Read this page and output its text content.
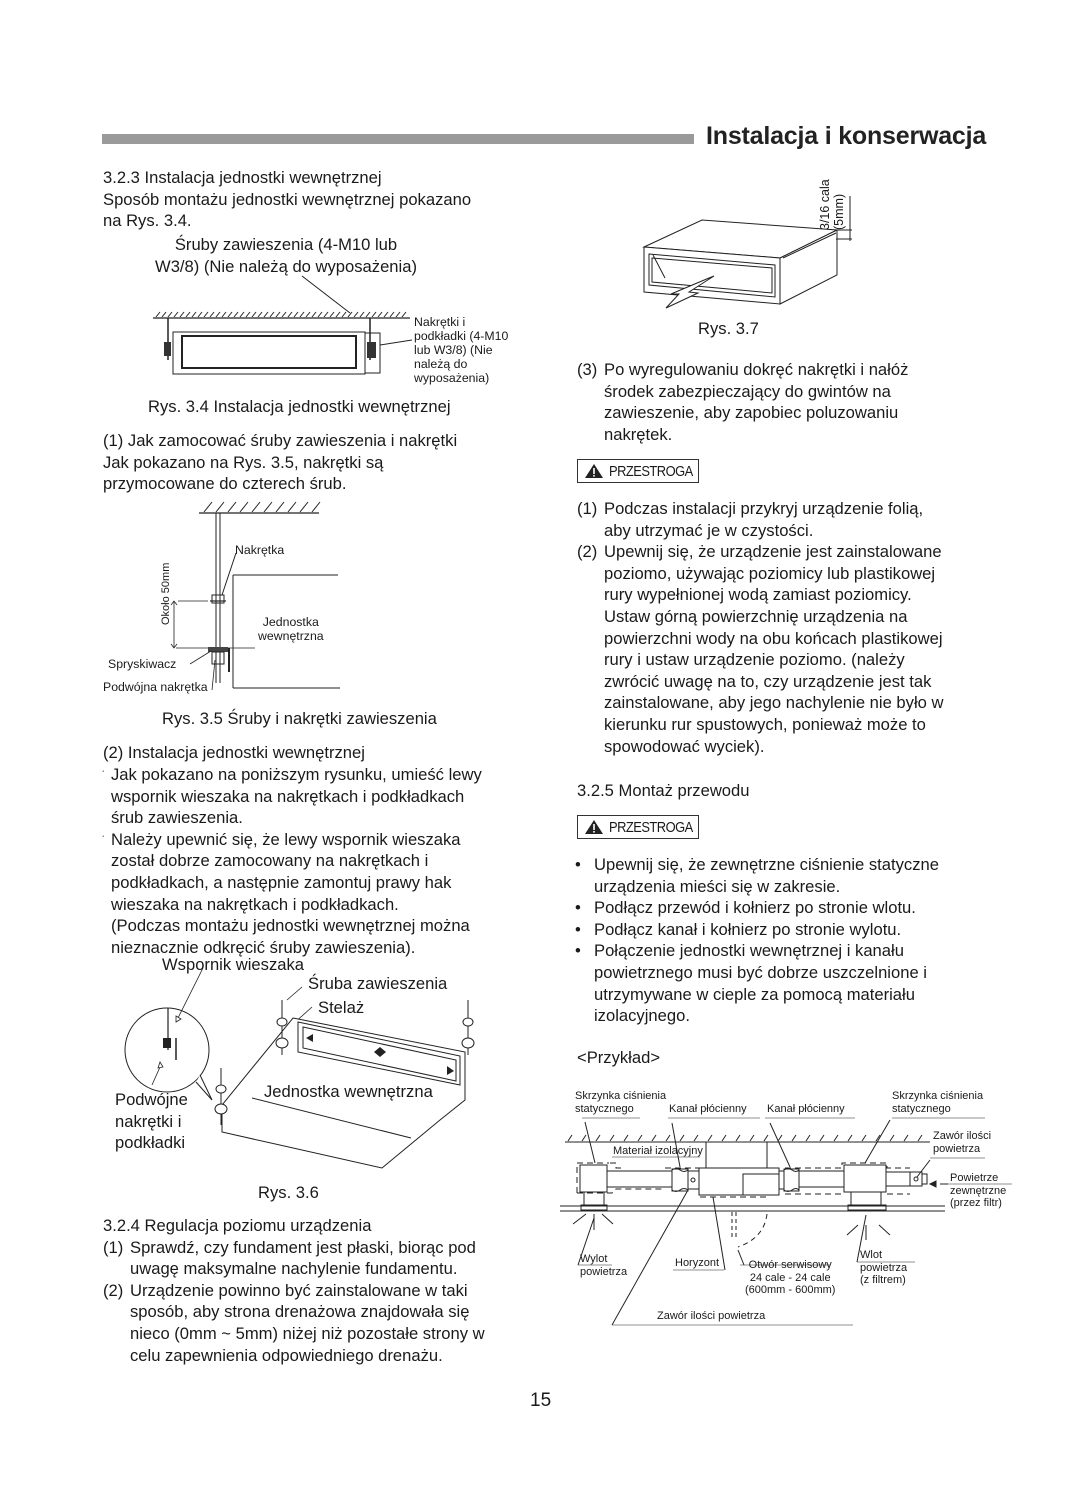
Instalacja i konserwacja
3.2.3 Instalacja jednostki wewnętrznej
Sposób montażu jednostki wewnętrznej pokazano
na Rys. 3.4.
Śruby zawieszenia (4-M10 lub
W3/8) (Nie należą do wyposażenia)
Nakrętki i
podkładki (4-M10
lub W3/8) (Nie
należą do
wyposażenia)
Rys. 3.4 Instalacja jednostki wewnętrznej
(1) Jak zamocować śruby zawieszenia i nakrętki
Jak pokazano na Rys. 3.5, nakrętki są
przymocowane do czterech śrub.
Nakrętka
Około 50mm	Jednostka
wewnętrzna
Spryskiwacz
Podwójna nakrętka
Rys. 3.5 Śruby i nakrętki zawieszenia
(2) Instalacja jednostki wewnętrznej
· Jak pokazano na poniższym rysunku, umieść lewy
wspornik wieszaka na nakrętkach i podkładkach
śrub zawieszenia.
· Należy upewnić się, że lewy wspornik wieszaka
został dobrze zamocowany na nakrętkach i
podkładkach, a następnie zamontuj prawy hak
wieszaka na nakrętkach i podkładkach.
(Podczas montażu jednostki wewnętrznej można
nieznacznie odkręcić śruby zawieszenia).
Wspornik wieszaka
Śruba zawieszenia
Stelaż
Jednostka wewnętrzna
Podwójne
nakrętki i
podkładki
Rys. 3.6
3.2.4 Regulacja poziomu urządzenia
(1) Sprawdź, czy fundament jest płaski, biorąc pod
uwagę maksymalne nachylenie fundamentu.
(2) Urządzenie powinno być zainstalowane w taki
sposób, aby strona drenażowa znajdowała się
nieco (0mm ~ 5mm) niżej niż pozostałe strony w
celu zapewnienia odpowiedniego drenażu.
3/16 cala (5mm)
Rys. 3.7
(3) Po wyregulowaniu dokręć nakrętki i nałóż
środek zabezpieczający do gwintów na
zawieszenie, aby zapobiec poluzowaniu
nakrętek.
PRZESTROGA
(1) Podczas instalacji przykryj urządzenie folią,
aby utrzymać je w czystości.
(2) Upewnij się, że urządzenie jest zainstalowane
poziomo, używając poziomicy lub plastikowej
rury wypełnionej wodą zamiast poziomicy.
Ustaw górną powierzchnię urządzenia na
powierzchni wody na obu końcach plastikowej
rury i ustaw urządzenie poziomo. (należy
zwrócić uwagę na to, czy urządzenie jest tak
zainstalowane, aby jego nachylenie nie było w
kierunku rur spustowych, ponieważ może to
spowodować wyciek).
3.2.5 Montaż przewodu
PRZESTROGA
• Upewnij się, że zewnętrzne ciśnienie statyczne
urządzenia mieści się w zakresie.
• Podłącz przewód i kołnierz po stronie wlotu.
• Podłącz kanał i kołnierz po stronie wylotu.
• Połączenie jednostki wewnętrznej i kanału
powietrznego musi być dobrze uszczelnione i
utrzymywane w cieple za pomocą materiału
izolacyjnego.
<Przykład>
Skrzynka ciśnienia
statycznego	Kanał płócienny Kanał płócienny
Skrzynka ciśnienia
statycznego
Materiał izolacyjny
Zawór ilości
powietrza
Powietrze
zewnętrzne
(przez filtr)
Wylot
powietrza
Horyzont	Otwór serwisowy
24 cale - 24 cale
(600mm - 600mm)
Wlot
powietrza
(z filtrem)
Zawór ilości powietrza
15
